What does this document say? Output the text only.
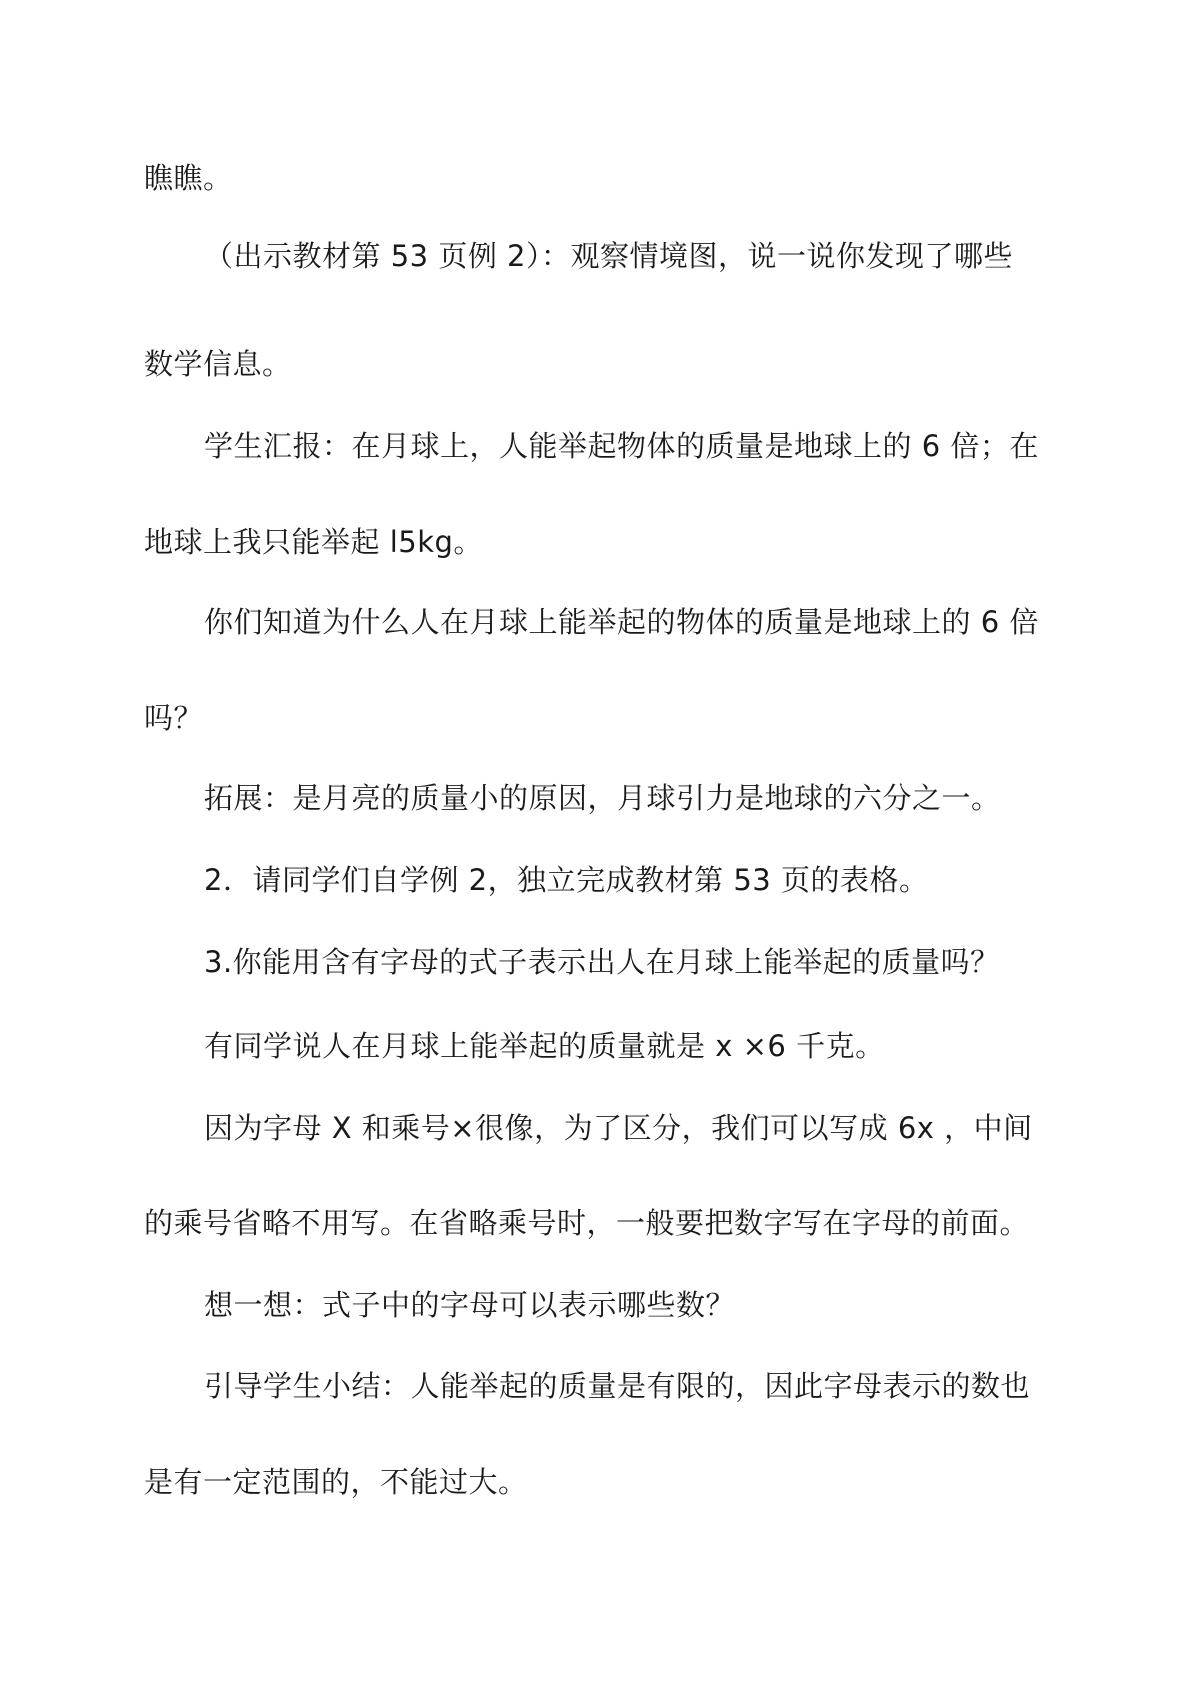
瞧瞧。
（出示教材第 53 页例 2）：观察情境图，说一说你发现了哪些
数学信息。
学生汇报：在月球上，人能举起物体的质量是地球上的 6 倍；在
地球上我只能举起 l5kg。
你们知道为什么人在月球上能举起的物体的质量是地球上的 6 倍
吗？
拓展：是月亮的质量小的原因，月球引力是地球的六分之一。
2．请同学们自学例 2，独立完成教材第 53 页的表格。
3.你能用含有字母的式子表示出人在月球上能举起的质量吗？
有同学说人在月球上能举起的质量就是 x ×6 千克。
因为字母 X 和乘号×很像，为了区分，我们可以写成 6x ，中间
的乘号省略不用写。在省略乘号时，一般要把数字写在字母的前面。
想一想：式子中的字母可以表示哪些数？
引导学生小结：人能举起的质量是有限的，因此字母表示的数也
是有一定范围的，不能过大。
